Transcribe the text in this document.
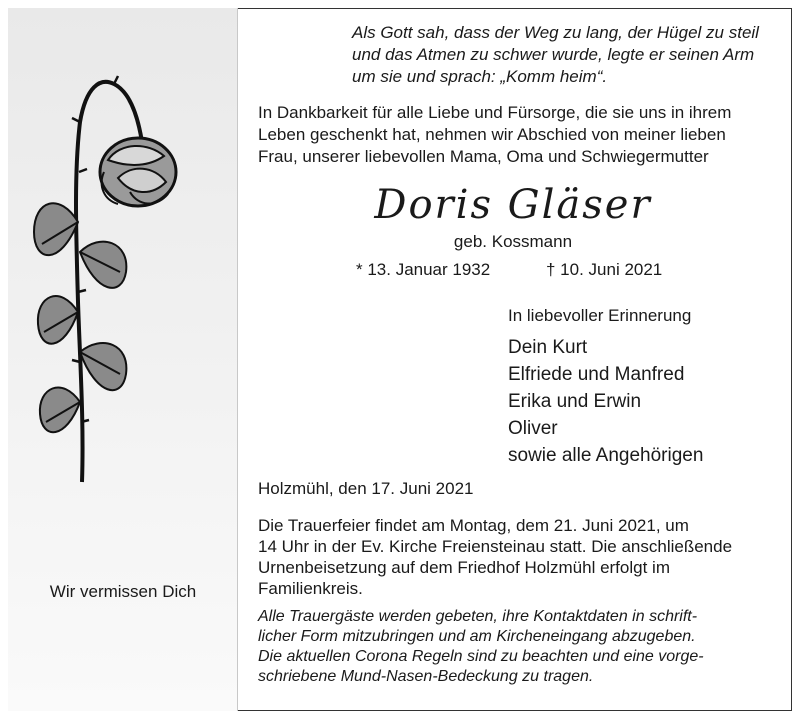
Wir vermissen Dich
Als Gott sah, dass der Weg zu lang, der Hügel zu steil
und das Atmen zu schwer wurde, legte er seinen Arm
um sie und sprach: „Komm heim“.
In Dankbarkeit für alle Liebe und Fürsorge, die sie uns in ihrem
Leben geschenkt hat, nehmen wir Abschied von meiner lieben
Frau, unserer liebevollen Mama, Oma und Schwiegermutter
Doris Gläser
geb. Kossmann
* 13. Januar 1932	† 10. Juni 2021
In liebevoller Erinnerung
Dein Kurt
Elfriede und Manfred
Erika und Erwin
Oliver
sowie alle Angehörigen
Holzmühl, den 17. Juni 2021
Die Trauerfeier findet am Montag, dem 21. Juni 2021, um
14 Uhr in der Ev. Kirche Freiensteinau statt. Die anschließende
Urnenbeisetzung auf dem Friedhof Holzmühl erfolgt im
Familienkreis.
Alle Trauergäste werden gebeten, ihre Kontaktdaten in schrift-
licher Form mitzubringen und am Kircheneingang abzugeben.
Die aktuellen Corona Regeln sind zu beachten und eine vorge-
schriebene Mund-Nasen-Bedeckung zu tragen.
